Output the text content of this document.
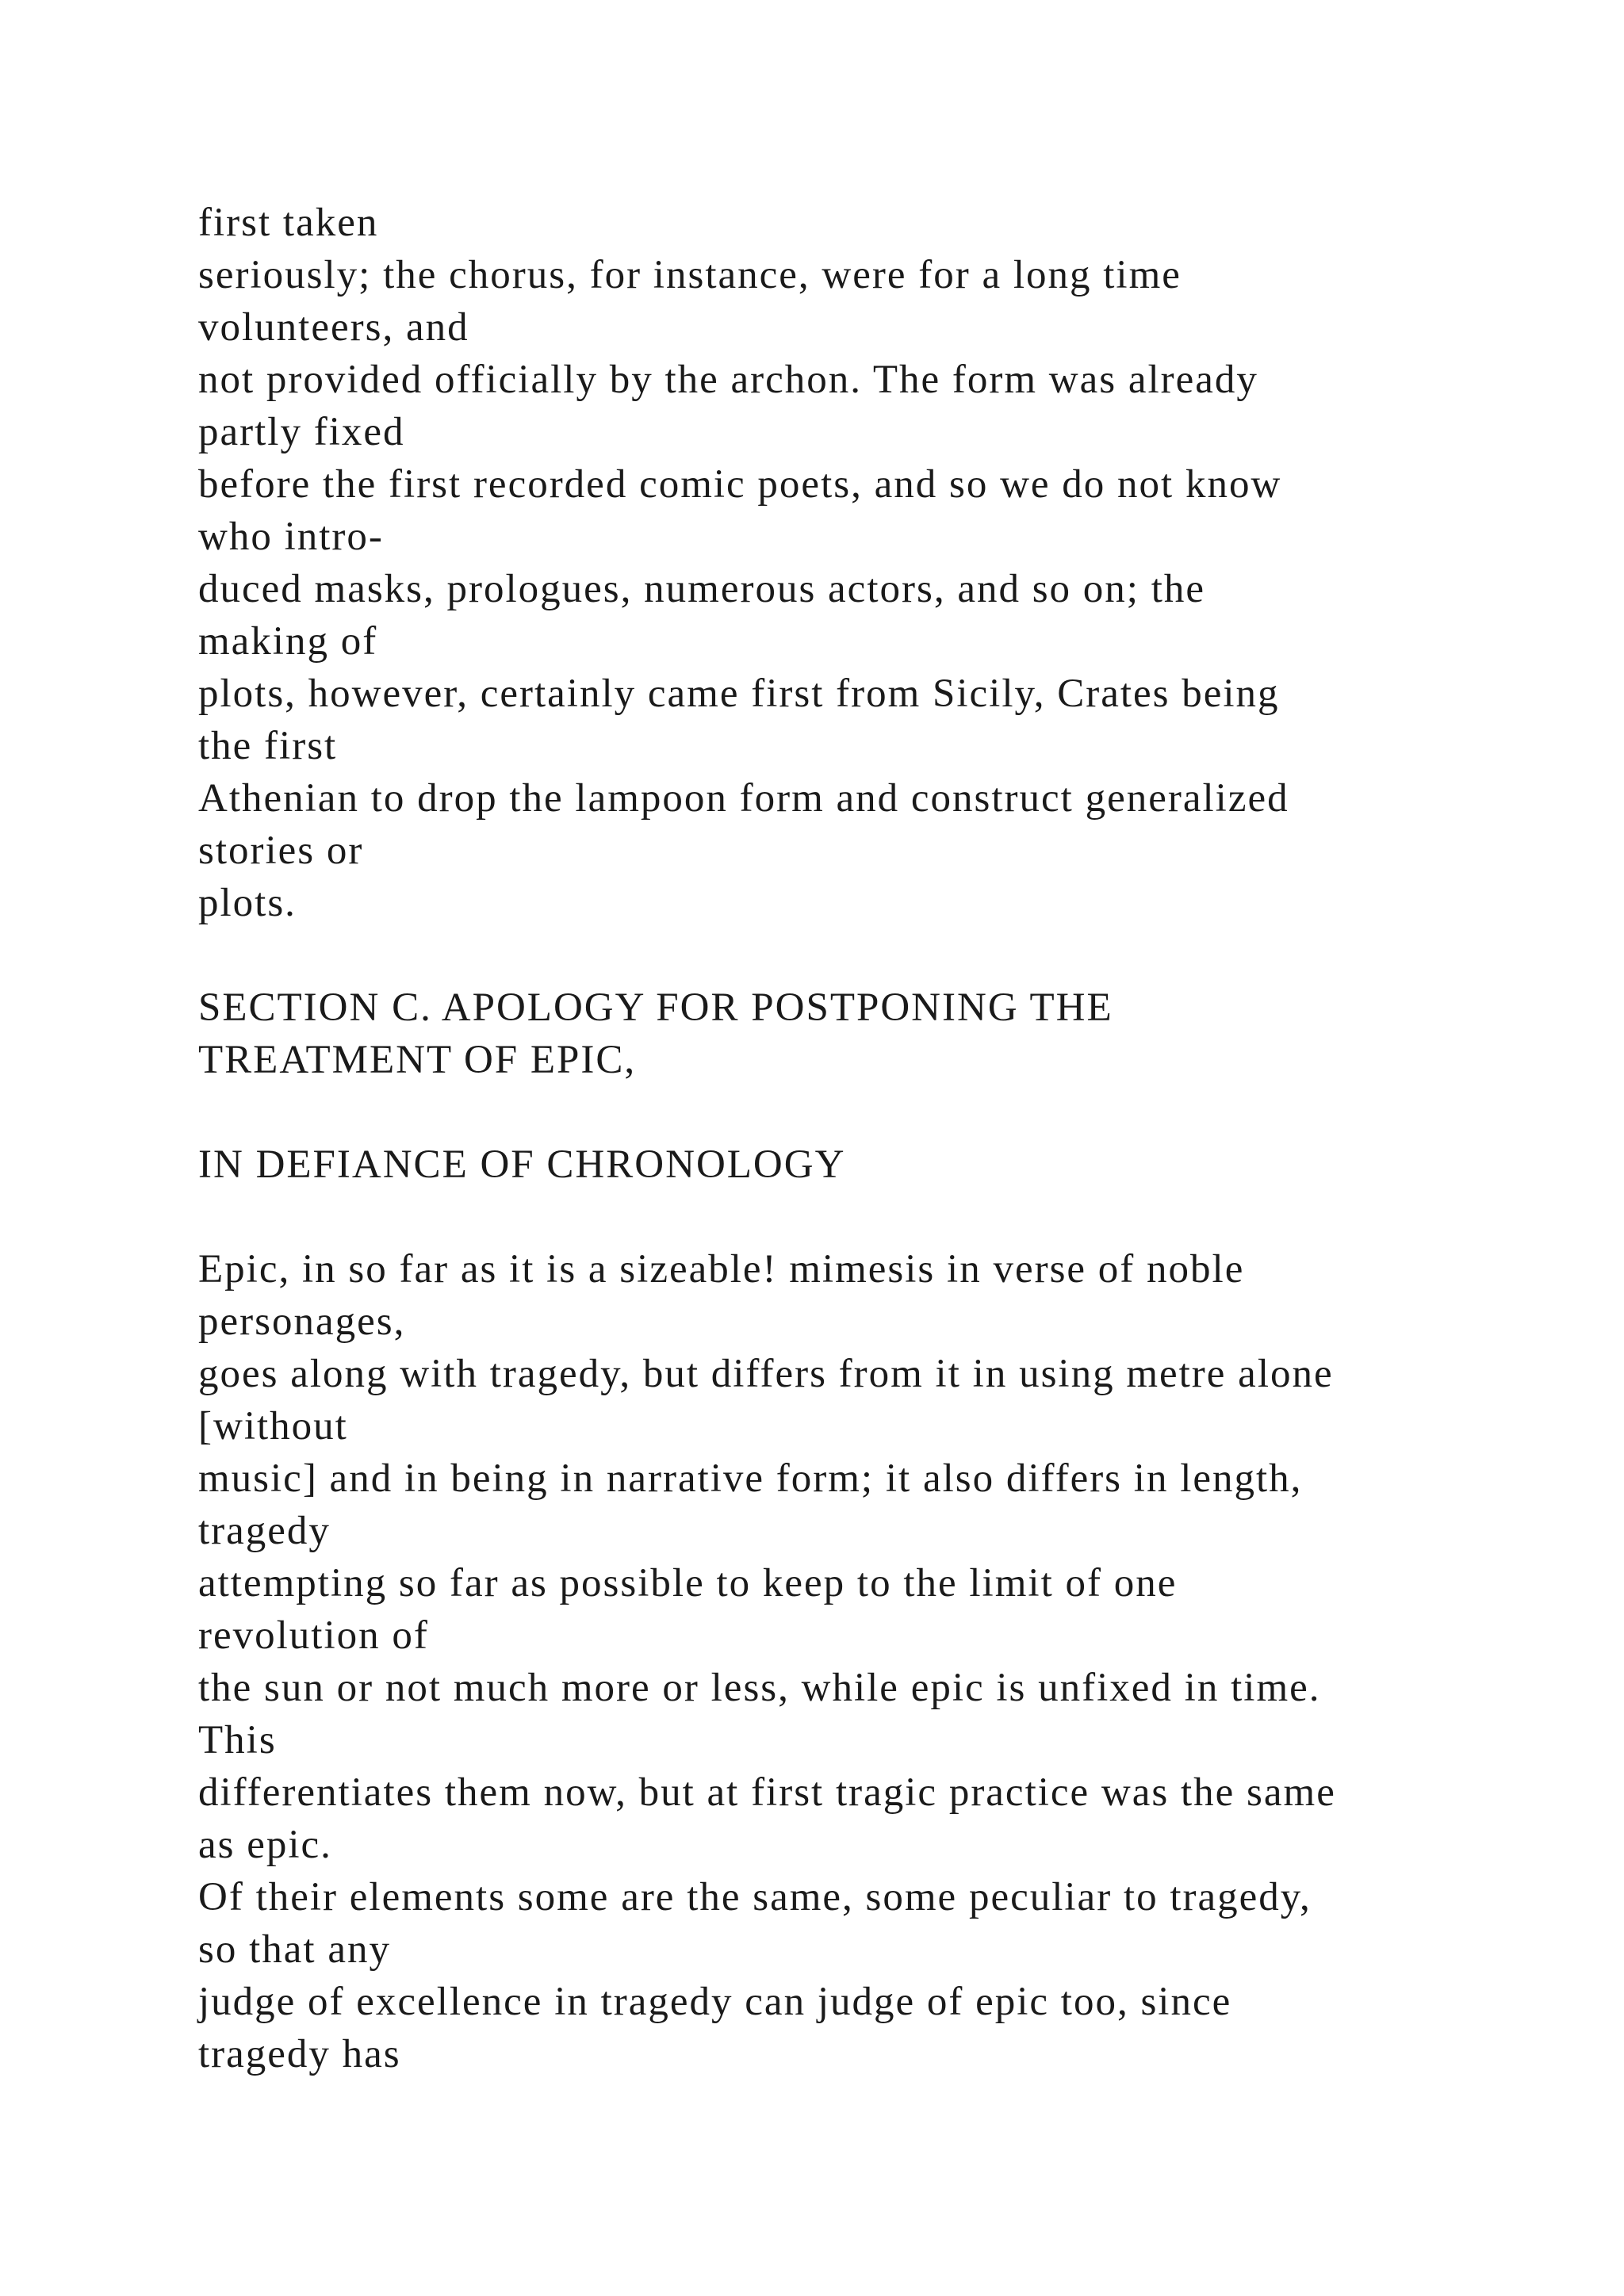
first taken
seriously; the chorus, for instance, were for a long time
volunteers, and
not provided officially by the archon. The form was already
partly fixed
before the first recorded comic poets, and so we do not know
who intro-
duced masks, prologues, numerous actors, and so on; the
making of
plots, however, certainly came first from Sicily, Crates being
the first
Athenian to drop the lampoon form and construct generalized
stories or
plots.
SECTION C. APOLOGY FOR POSTPONING THE
TREATMENT OF EPIC,
IN DEFIANCE OF CHRONOLOGY
Epic, in so far as it is a sizeable! mimesis in verse of noble
personages,
goes along with tragedy, but differs from it in using metre alone
[without
music] and in being in narrative form; it also differs in length,
tragedy
attempting so far as possible to keep to the limit of one
revolution of
the sun or not much more or less, while epic is unfixed in time.
This
differentiates them now, but at first tragic practice was the same
as epic.
Of their elements some are the same, some peculiar to tragedy,
so that any
judge of excellence in tragedy can judge of epic too, since
tragedy has
